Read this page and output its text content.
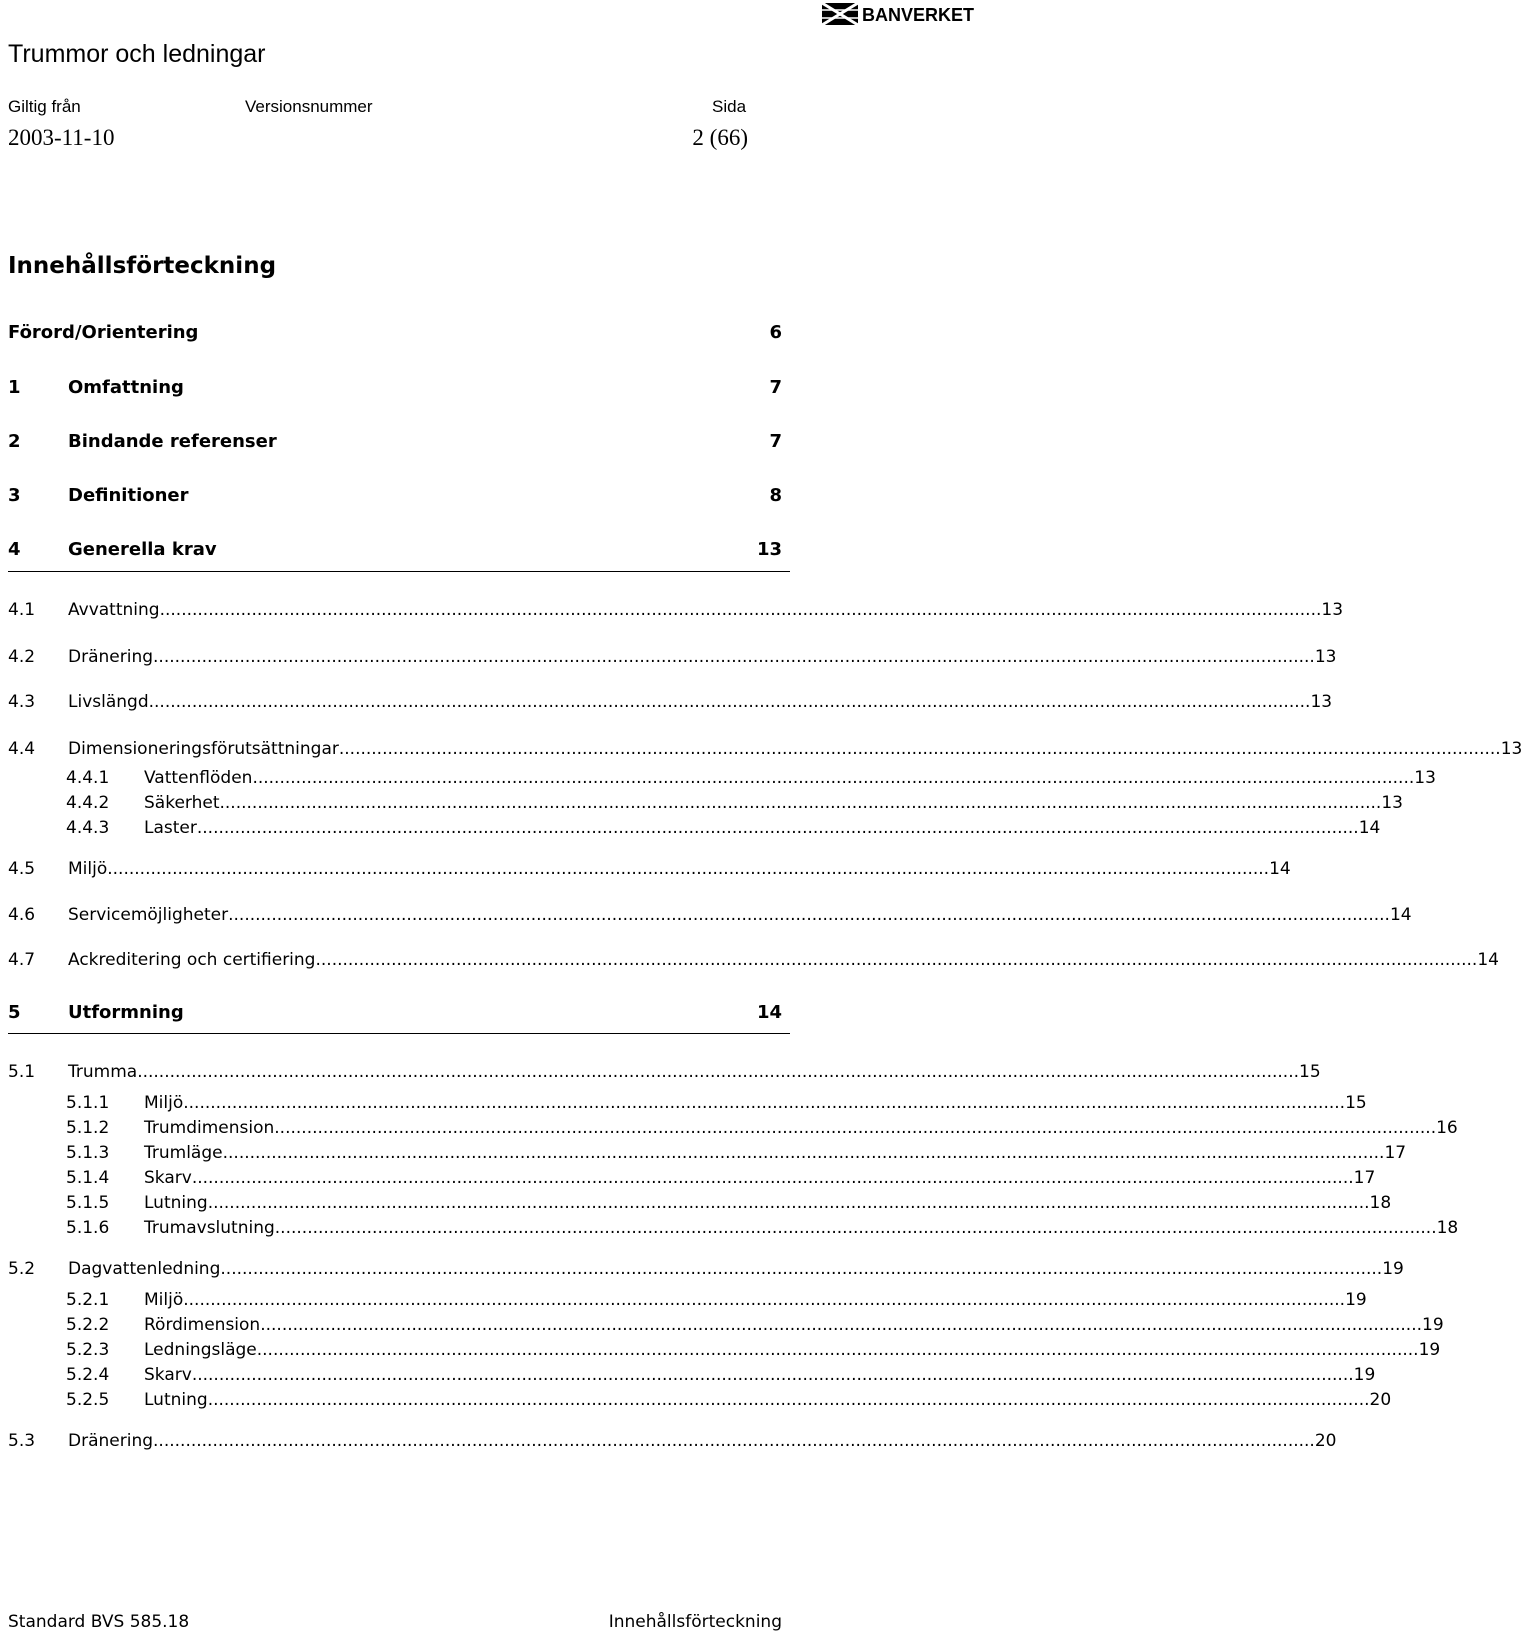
BANVERKET
Trummor och ledningar
Giltig från	Versionsnummer	Sida
2003-11-10	2 (66)
Innehållsförteckning
Förord/Orientering	6
1	Omfattning	7
2	Bindande referenser	7
3	Definitioner	8
4	Generella krav	13
4.1 Avvattning .....	13
4.2 Dränering .....	13
4.3 Livslängd .....	13
4.4 Dimensioneringsförutsättningar .....	13
4.4.1 Vattenflöden .....	13
4.4.2 Säkerhet .....	13
4.4.3 Laster .....	14
4.5 Miljö .....	14
4.6 Servicemöjligheter .....	14
4.7 Ackreditering och certifiering .....	14
5	Utformning	14
5.1 Trumma .....	15
5.1.1 Miljö .....	15
5.1.2 Trumdimension .....	16
5.1.3 Trumläge .....	17
5.1.4 Skarv .....	17
5.1.5 Lutning .....	18
5.1.6 Trumavslutning .....	18
5.2 Dagvattenledning .....	19
5.2.1 Miljö .....	19
5.2.2 Rördimension .....	19
5.2.3 Ledningsläge .....	19
5.2.4 Skarv .....	19
5.2.5 Lutning .....	20
5.3 Dränering .....	20
Standard BVS 585.18	Innehållsförteckning
